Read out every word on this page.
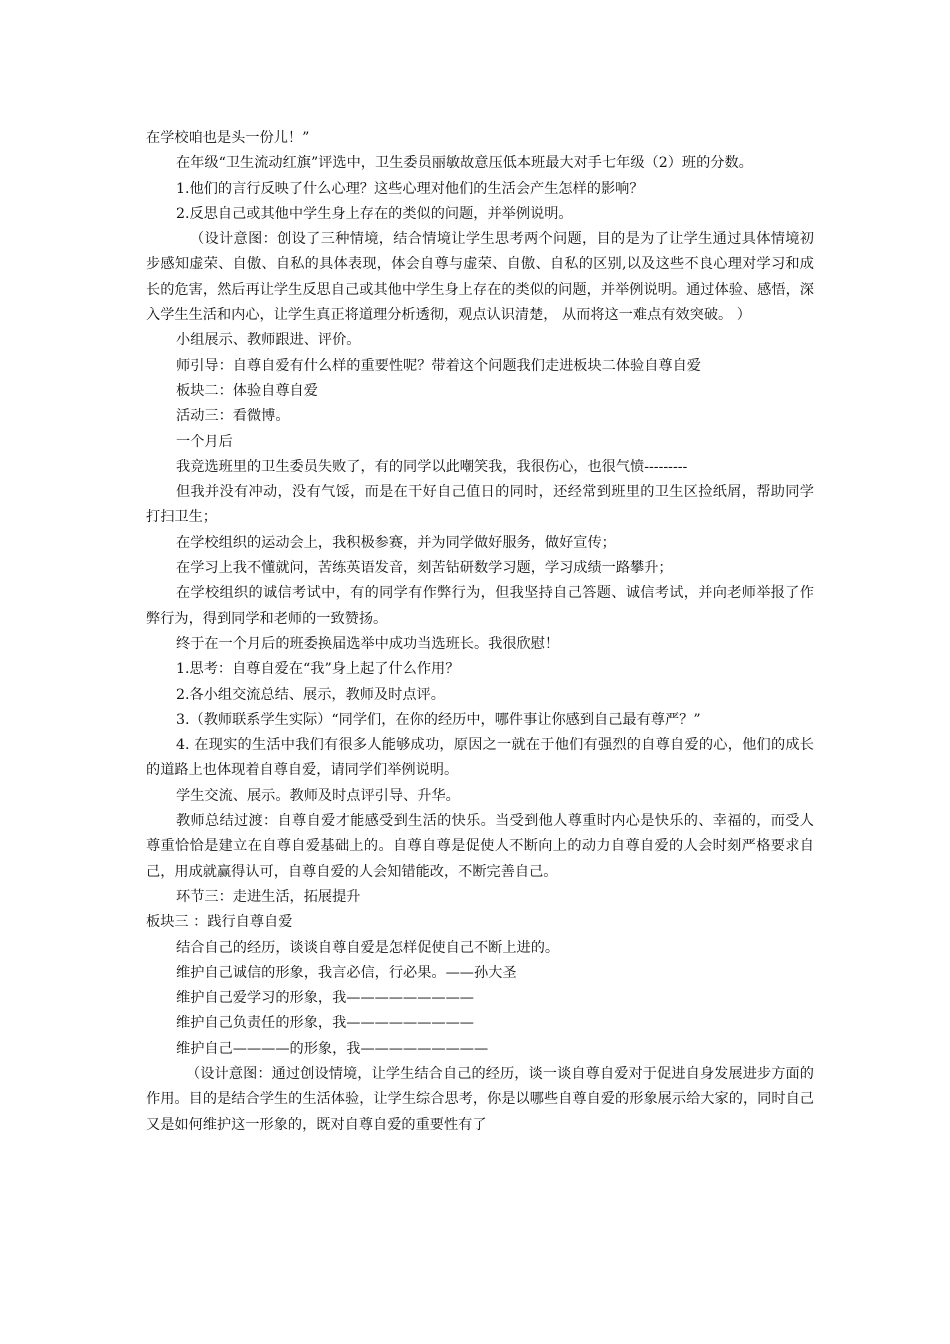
在学校咱也是头一份儿！”

在年级“卫生流动红旗”评选中，卫生委员丽敏故意压低本班最大对手七年级（2）班的分数。

1.他们的言行反映了什么心理？这些心理对他们的生活会产生怎样的影响？

2.反思自己或其他中学生身上存在的类似的问题，并举例说明。

（设计意图：创设了三种情境，结合情境让学生思考两个问题，目的是为了让学生通过具体情境初步感知虚荣、自傲、自私的具体表现，体会自尊与虚荣、自傲、自私的区别,以及这些不良心理对学习和成长的危害，然后再让学生反思自己或其他中学生身上存在的类似的问题，并举例说明。通过体验、感悟，深入学生生活和内心，让学生真正将道理分析透彻，观点认识清楚， 从而将这一难点有效突破。 ）

小组展示、教师跟进、评价。

师引导：自尊自爱有什么样的重要性呢？带着这个问题我们走进板块二体验自尊自爱

板块二：体验自尊自爱

活动三：看微博。

一个月后

我竞选班里的卫生委员失败了，有的同学以此嘲笑我，我很伤心，也很气愤---------

但我并没有冲动，没有气馁，而是在干好自己值日的同时，还经常到班里的卫生区捡纸屑，帮助同学打扫卫生；

在学校组织的运动会上，我积极参赛，并为同学做好服务，做好宣传；

在学习上我不懂就问，苦练英语发音，刻苦钻研数学习题，学习成绩一路攀升；

在学校组织的诚信考试中，有的同学有作弊行为，但我坚持自己答题、诚信考试，并向老师举报了作弊行为，得到同学和老师的一致赞扬。

终于在一个月后的班委换届选举中成功当选班长。我很欣慰！

1.思考：自尊自爱在“我”身上起了什么作用？

2.各小组交流总结、展示，教师及时点评。

3.（教师联系学生实际）“同学们，在你的经历中，哪件事让你感到自己最有尊严？”

4. 在现实的生活中我们有很多人能够成功，原因之一就在于他们有强烈的自尊自爱的心，他们的成长的道路上也体现着自尊自爱，请同学们举例说明。

学生交流、展示。教师及时点评引导、升华。

教师总结过渡：自尊自爱才能感受到生活的快乐。当受到他人尊重时内心是快乐的、幸福的，而受人尊重恰恰是建立在自尊自爱基础上的。自尊自尊是促使人不断向上的动力自尊自爱的人会时刻严格要求自己，用成就赢得认可，自尊自爱的人会知错能改，不断完善自己。

环节三：走进生活，拓展提升

板块三 ：践行自尊自爱

结合自己的经历，谈谈自尊自爱是怎样促使自己不断上进的。

维护自己诚信的形象，我言必信，行必果。——孙大圣

维护自己爱学习的形象，我—————————

维护自己负责任的形象，我—————————

维护自己————的形象，我—————————

（设计意图：通过创设情境，让学生结合自己的经历，谈一谈自尊自爱对于促进自身发展进步方面的作用。目的是结合学生的生活体验，让学生综合思考，你是以哪些自尊自爱的形象展示给大家的，同时自己又是如何维护这一形象的，既对自尊自爱的重要性有了
